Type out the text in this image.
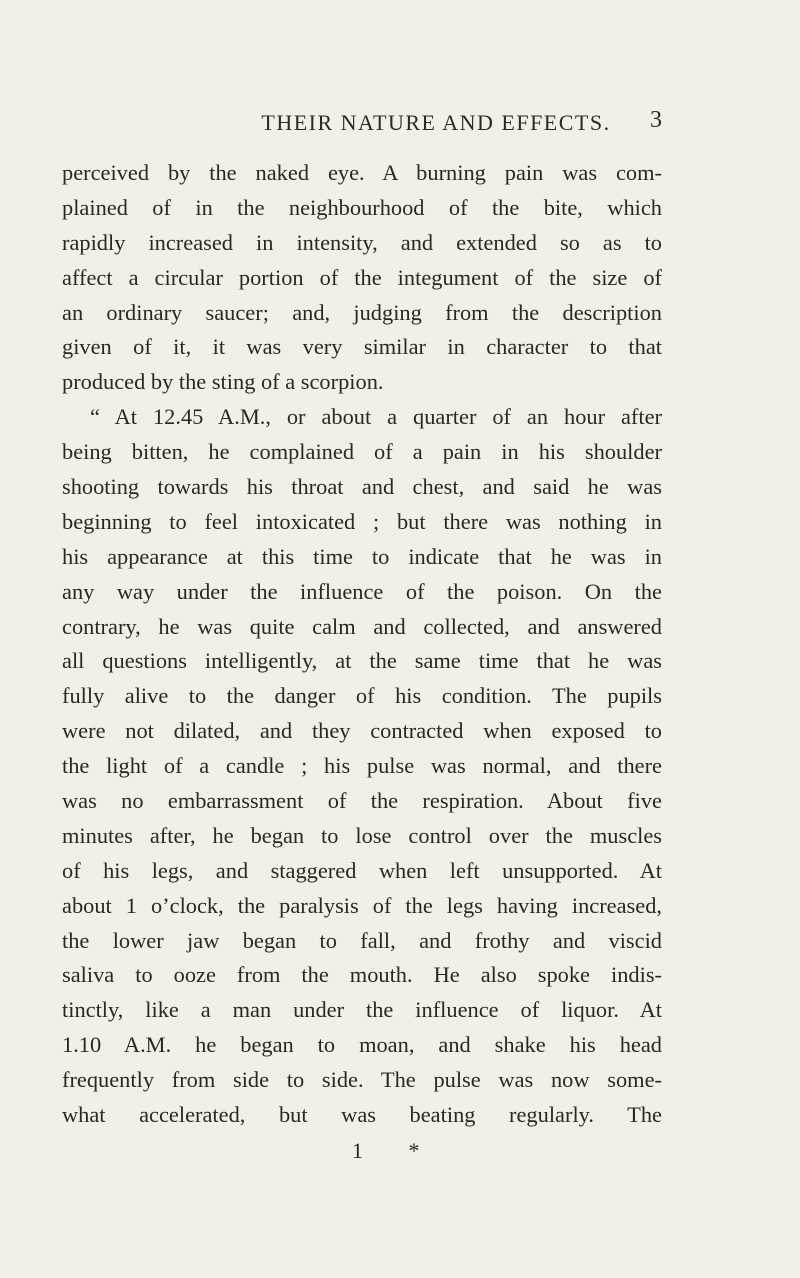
THEIR NATURE AND EFFECTS.	3
perceived by the naked eye. A burning pain was com-
plained of in the neighbourhood of the bite, which
rapidly increased in intensity, and extended so as to
affect a circular portion of the integument of the size of
an ordinary saucer; and, judging from the description
given of it, it was very similar in character to that
produced by the sting of a scorpion.
“ At 12.45 A.M., or about a quarter of an hour after
being bitten, he complained of a pain in his shoulder
shooting towards his throat and chest, and said he was
beginning to feel intoxicated ; but there was nothing in
his appearance at this time to indicate that he was in
any way under the influence of the poison. On the
contrary, he was quite calm and collected, and answered
all questions intelligently, at the same time that he was
fully alive to the danger of his condition. The pupils
were not dilated, and they contracted when exposed to
the light of a candle ; his pulse was normal, and there
was no embarrassment of the respiration. About five
minutes after, he began to lose control over the muscles
of his legs, and staggered when left unsupported. At
about 1 o’clock, the paralysis of the legs having increased,
the lower jaw began to fall, and frothy and viscid
saliva to ooze from the mouth. He also spoke indis-
tinctly, like a man under the influence of liquor. At
1.10 A.M. he began to moan, and shake his head
frequently from side to side. The pulse was now some-
what accelerated, but was beating regularly. The
1 *
